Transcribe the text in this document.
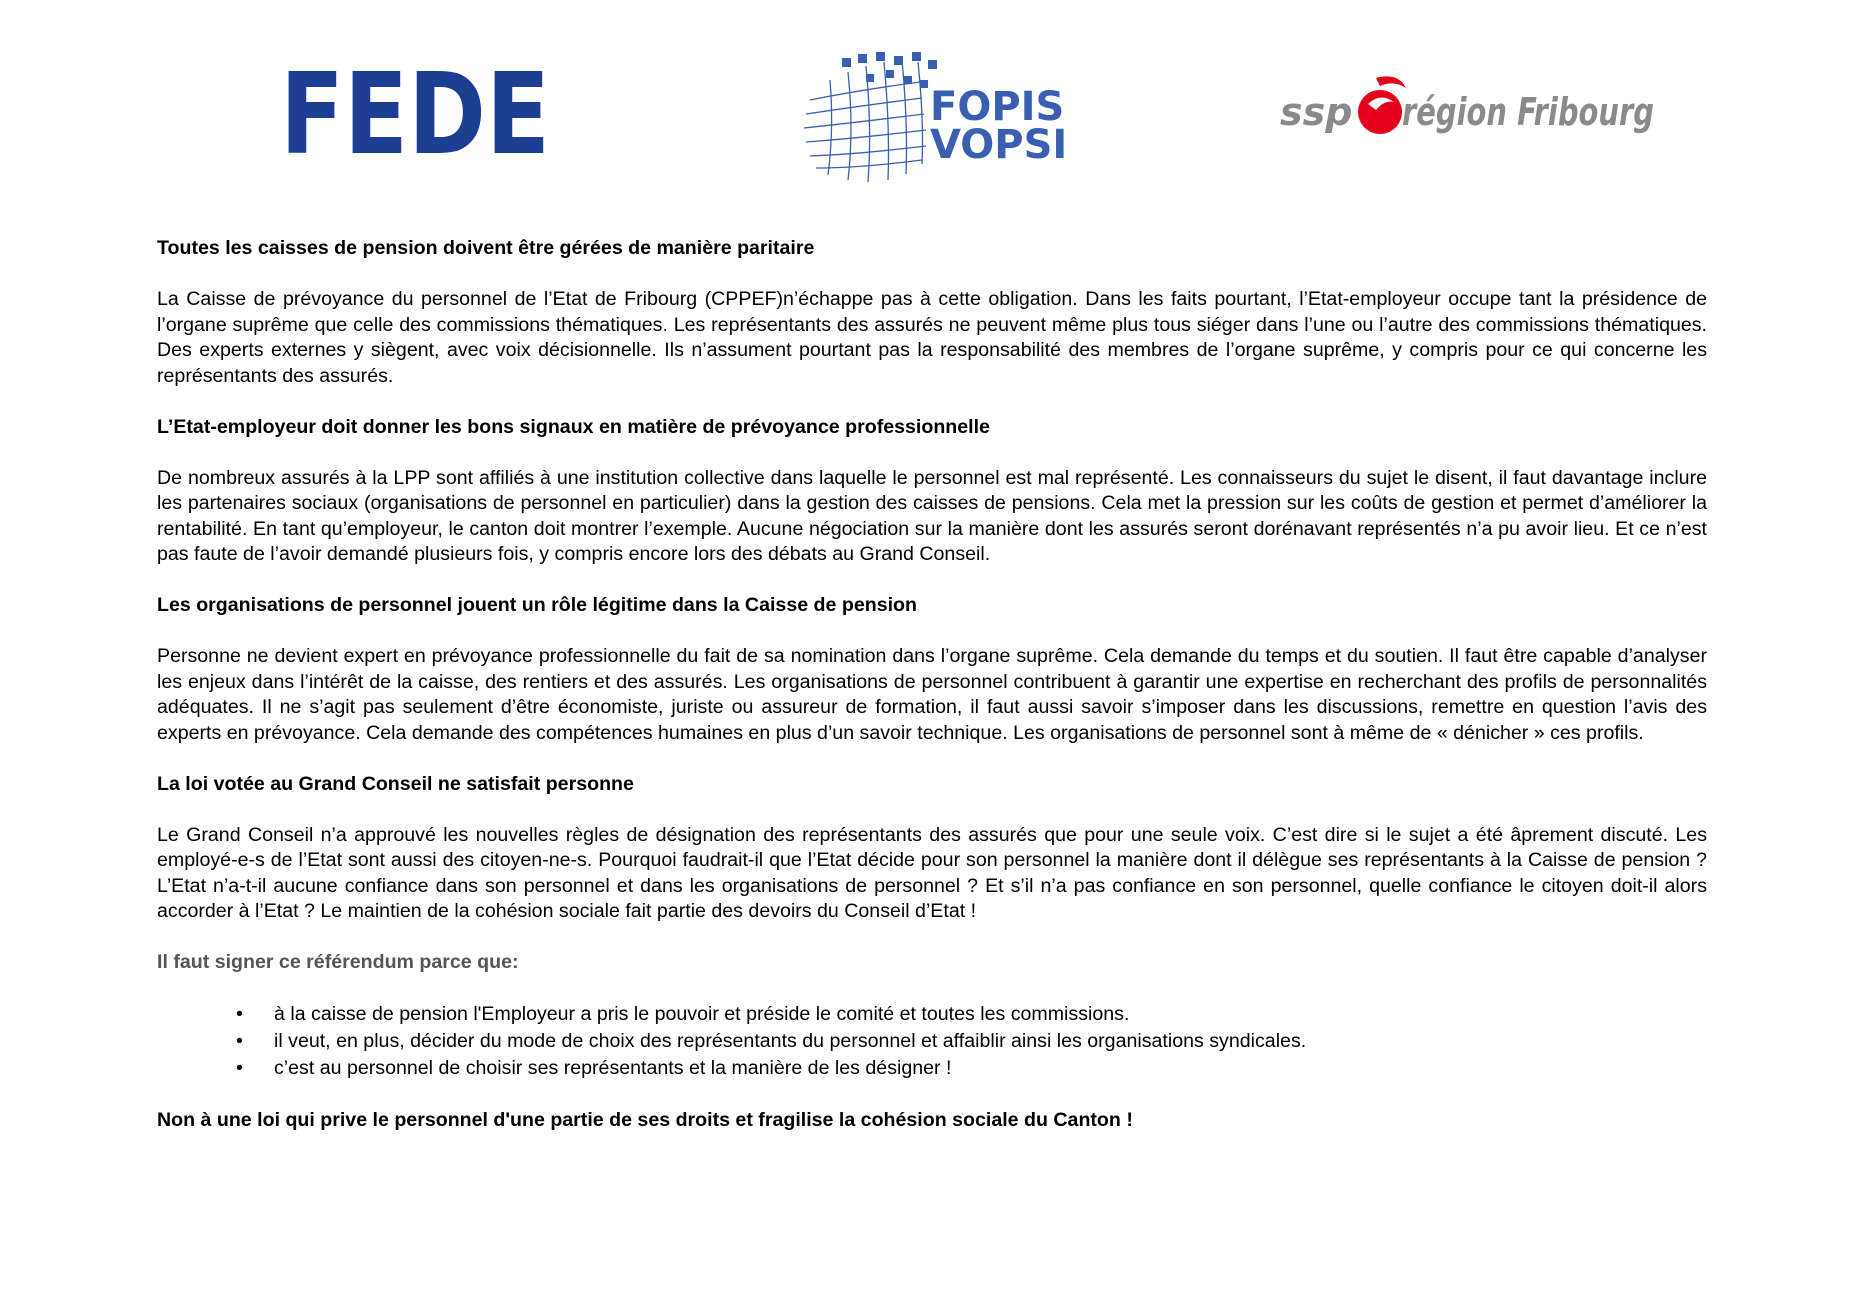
FEDE	FOPIS
VOPSI
ssp région Fribourg
Toutes les caisses de pension doivent être gérées de manière paritaire
La Caisse de prévoyance du personnel de l’Etat de Fribourg (CPPEF)n’échappe pas à cette obligation. Dans les faits pourtant, l’Etat-employeur occupe tant la présidence de l’organe suprême que celle des commissions thématiques. Les représentants des assurés ne peuvent même plus tous siéger dans l’une ou l’autre des commissions thématiques. Des experts externes y siègent, avec voix décisionnelle. Ils n’assument pourtant pas la responsabilité des membres de l’organe suprême, y compris pour ce qui concerne les représentants des assurés.
L’Etat-employeur doit donner les bons signaux en matière de prévoyance professionnelle
De nombreux assurés à la LPP sont affiliés à une institution collective dans laquelle le personnel est mal représenté. Les connaisseurs du sujet le disent, il faut davantage inclure les partenaires sociaux (organisations de personnel en particulier) dans la gestion des caisses de pensions. Cela met la pression sur les coûts de gestion et permet d’améliorer la rentabilité. En tant qu’employeur, le canton doit montrer l’exemple. Aucune négociation sur la manière dont les assurés seront dorénavant représentés n’a pu avoir lieu. Et ce n’est pas faute de l’avoir demandé plusieurs fois, y compris encore lors des débats au Grand Conseil.
Les organisations de personnel jouent un rôle légitime dans la Caisse de pension
Personne ne devient expert en prévoyance professionnelle du fait de sa nomination dans l’organe suprême. Cela demande du temps et du soutien. Il faut être capable d’analyser les enjeux dans l’intérêt de la caisse, des rentiers et des assurés. Les organisations de personnel contribuent à garantir une expertise en recherchant des profils de personnalités adéquates. Il ne s’agit pas seulement d’être économiste, juriste ou assureur de formation, il faut aussi savoir s’imposer dans les discussions, remettre en question l’avis des experts en prévoyance. Cela demande des compétences humaines en plus d’un savoir technique. Les organisations de personnel sont à même de « dénicher » ces profils.
La loi votée au Grand Conseil ne satisfait personne
Le Grand Conseil n’a approuvé les nouvelles règles de désignation des représentants des assurés que pour une seule voix. C’est dire si le sujet a été âprement discuté. Les employé-e-s de l’Etat sont aussi des citoyen-ne-s. Pourquoi faudrait-il que l’Etat décide pour son personnel la manière dont il délègue ses représentants à la Caisse de pension ? L’Etat n’a-t-il aucune confiance dans son personnel et dans les organisations de personnel ? Et s’il n’a pas confiance en son personnel, quelle confiance le citoyen doit-il alors accorder à l’Etat ? Le maintien de la cohésion sociale fait partie des devoirs du Conseil d’Etat !
Il faut signer ce référendum parce que:
• à la caisse de pension l'Employeur a pris le pouvoir et préside le comité et toutes les commissions.
• il veut, en plus, décider du mode de choix des représentants du personnel et affaiblir ainsi les organisations syndicales.
• c’est au personnel de choisir ses représentants et la manière de les désigner !
Non à une loi qui prive le personnel d'une partie de ses droits et fragilise la cohésion sociale du Canton !
